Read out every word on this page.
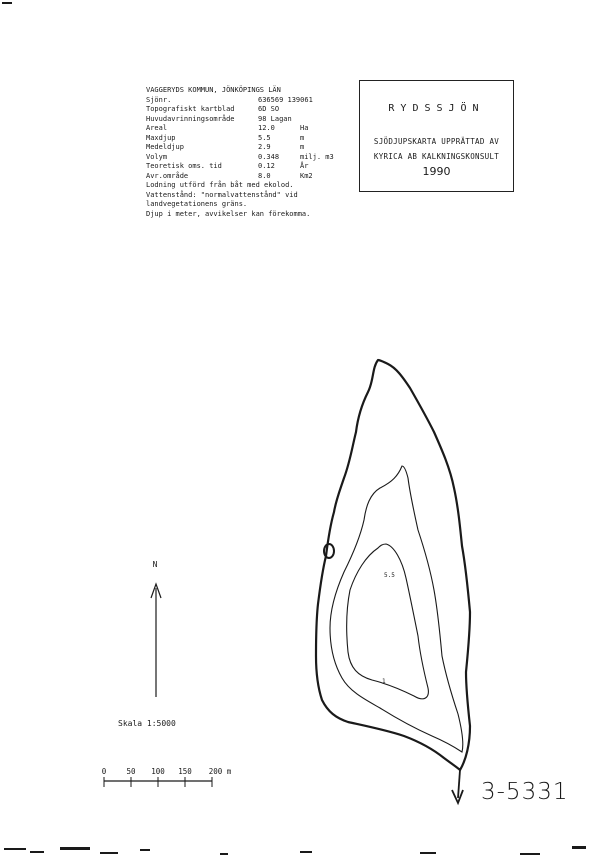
VAGGERYDS KOMMUN, JÖNKÖPINGS LÄN
Sjönr.	636569 139061
Topografiskt kartblad	6D SO
Huvudavrinningsområde	98 Lagan
Areal	12.0	Ha
Maxdjup	5.5	m
Medeldjup	2.9	m
Volym	0.348	milj. m3
Teoretisk oms. tid	0.12	År
Avr.område	8.0	Km2
Lodning utförd från båt med ekolod.
Vattenstånd: "normalvattenstånd" vid
landvegetationens gräns.
Djup i meter, avvikelser kan förekomma.
RYDSSJÖN
SJÖDJUPSKARTA UPPRÄTTAD AV
KYRICA AB KALKNINGSKONSULT
1990
5.5
1
N
0	50 100 150 200 m
Skala 1:5000
3-5331
